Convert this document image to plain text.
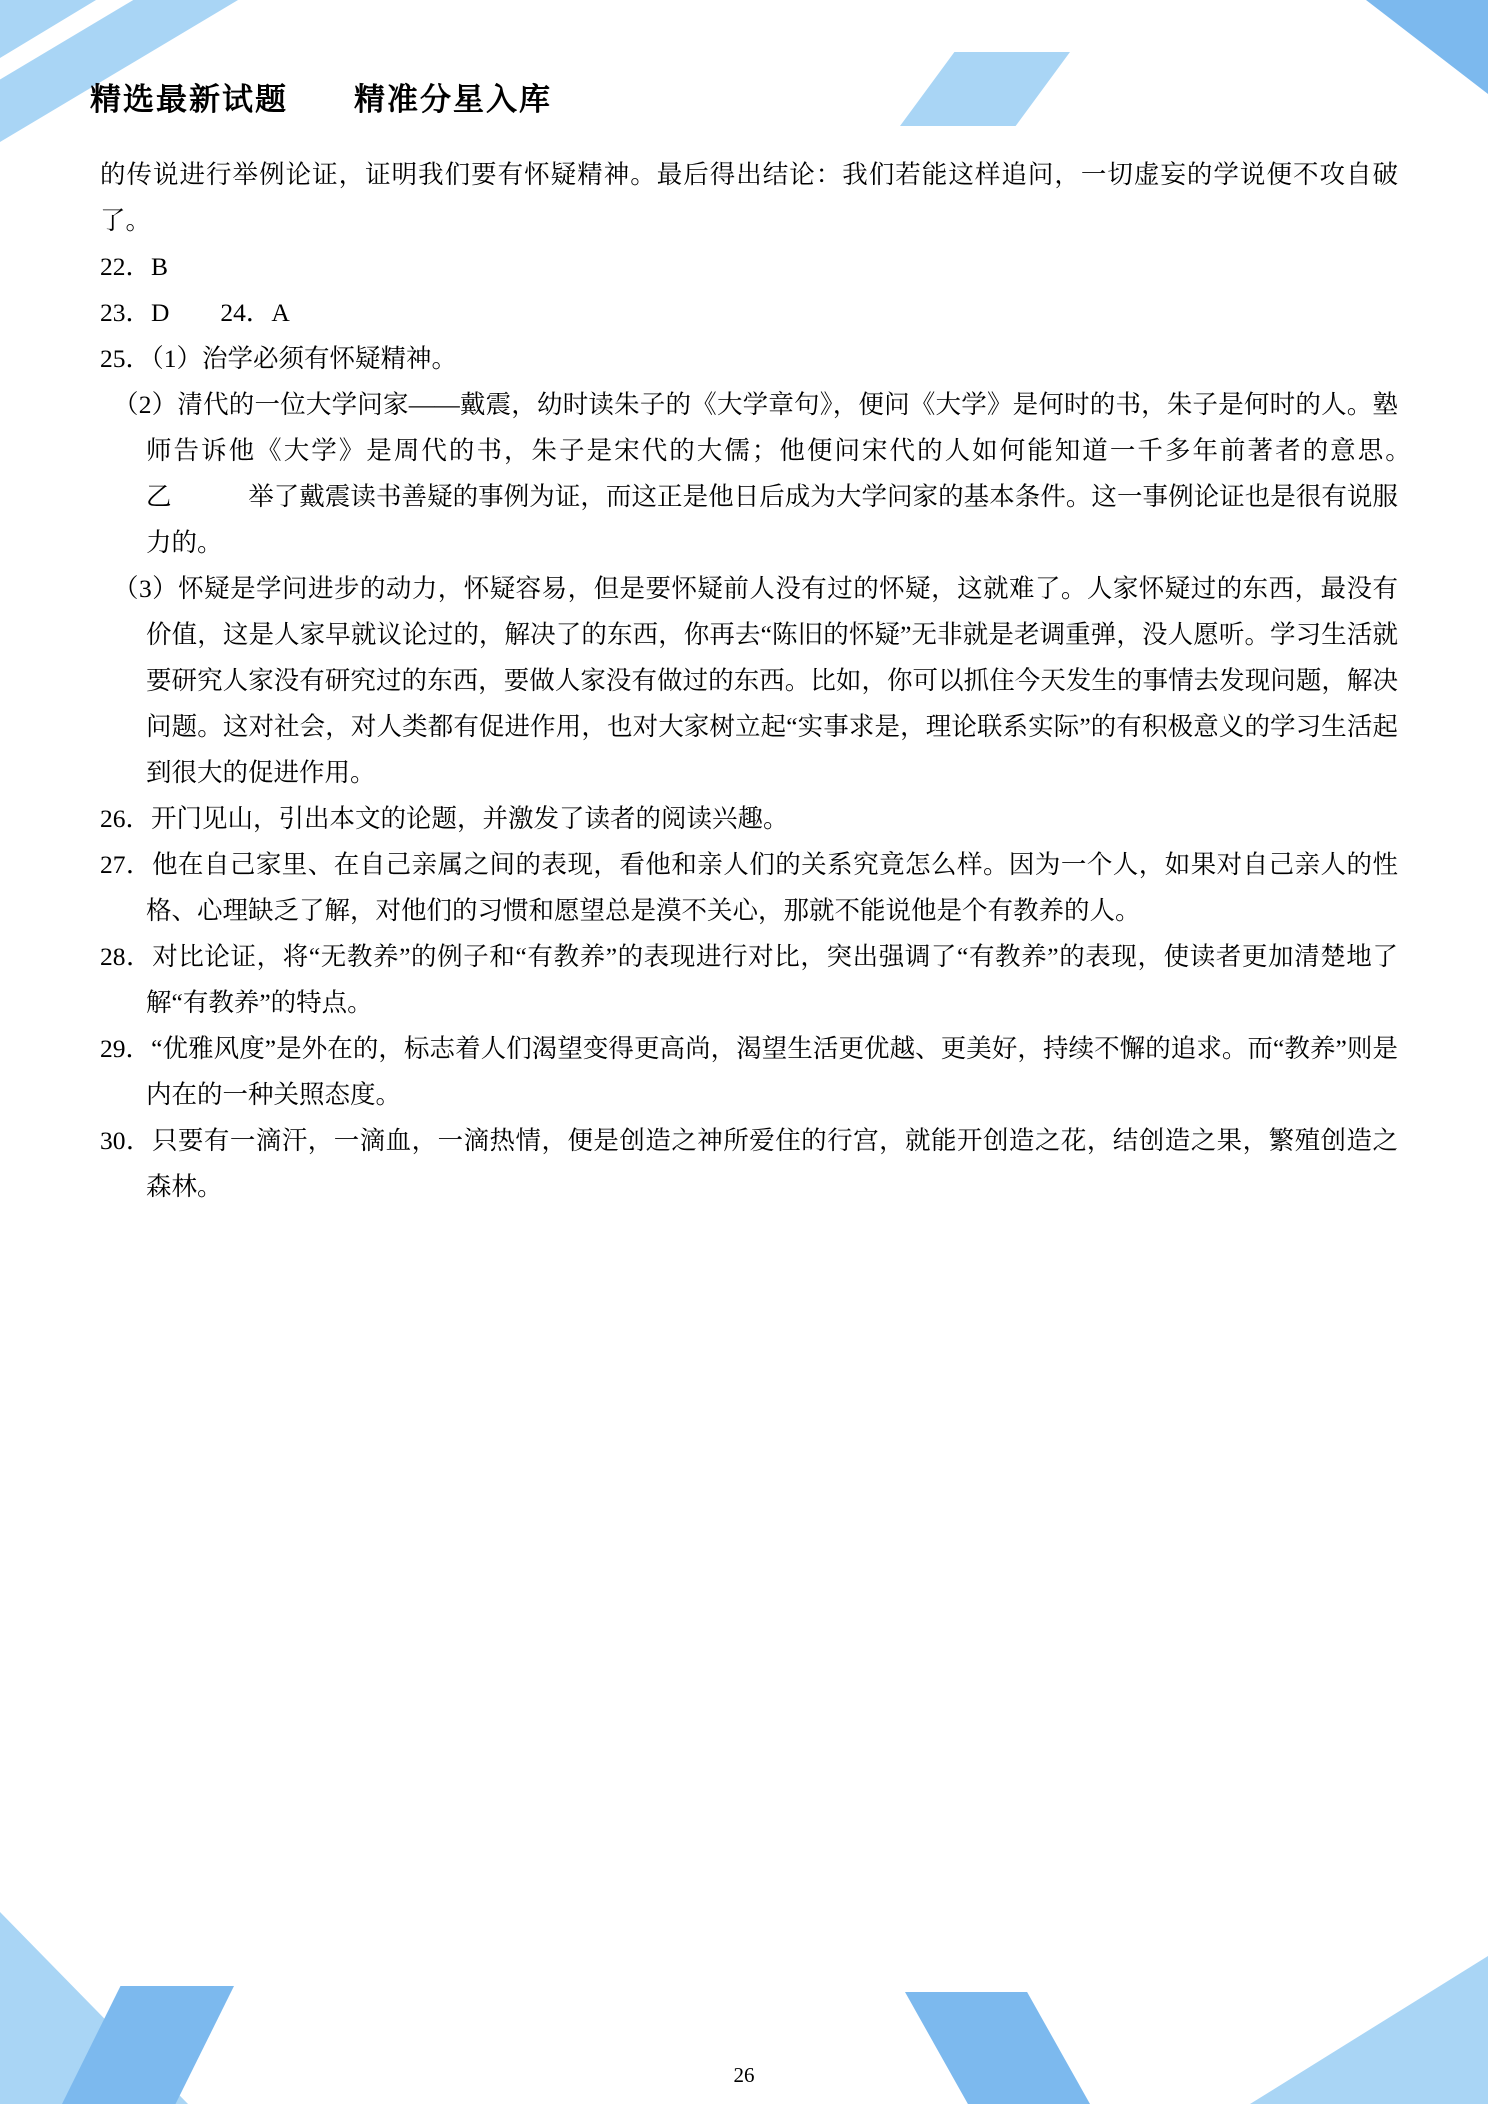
精选最新试题　　精准分星入库

的传说进行举例论证，证明我们要有怀疑精神。最后得出结论：我们若能这样追问，一切虚妄的学说便不攻自破了。

22．B

23．D　　24．A

25．（1）治学必须有怀疑精神。

（2）清代的一位大学问家——戴震，幼时读朱子的《大学章句》，便问《大学》是何时的书，朱子是何时的人。塾师告诉他《大学》是周代的书，朱子是宋代的大儒；他便问宋代的人如何能知道一千多年前著者的意思。　　　乙　　　举了戴震读书善疑的事例为证，而这正是他日后成为大学问家的基本条件。这一事例论证也是很有说服力的。

（3）怀疑是学问进步的动力，怀疑容易，但是要怀疑前人没有过的怀疑，这就难了。人家怀疑过的东西，最没有价值，这是人家早就议论过的，解决了的东西，你再去“陈旧的怀疑”无非就是老调重弹，没人愿听。学习生活就要研究人家没有研究过的东西，要做人家没有做过的东西。比如，你可以抓住今天发生的事情去发现问题，解决问题。这对社会，对人类都有促进作用，也对大家树立起“实事求是，理论联系实际”的有积极意义的学习生活起到很大的促进作用。

26．开门见山，引出本文的论题，并激发了读者的阅读兴趣。

27．他在自己家里、在自己亲属之间的表现，看他和亲人们的关系究竟怎么样。因为一个人，如果对自己亲人的性格、心理缺乏了解，对他们的习惯和愿望总是漠不关心，那就不能说他是个有教养的人。

28．对比论证，将“无教养”的例子和“有教养”的表现进行对比，突出强调了“有教养”的表现，使读者更加清楚地了解“有教养”的特点。

29．“优雅风度”是外在的，标志着人们渴望变得更高尚，渴望生活更优越、更美好，持续不懈的追求。而“教养”则是内在的一种关照态度。

30．只要有一滴汗，一滴血，一滴热情，便是创造之神所爱住的行宫，就能开创造之花，结创造之果，繁殖创造之森林。

26
